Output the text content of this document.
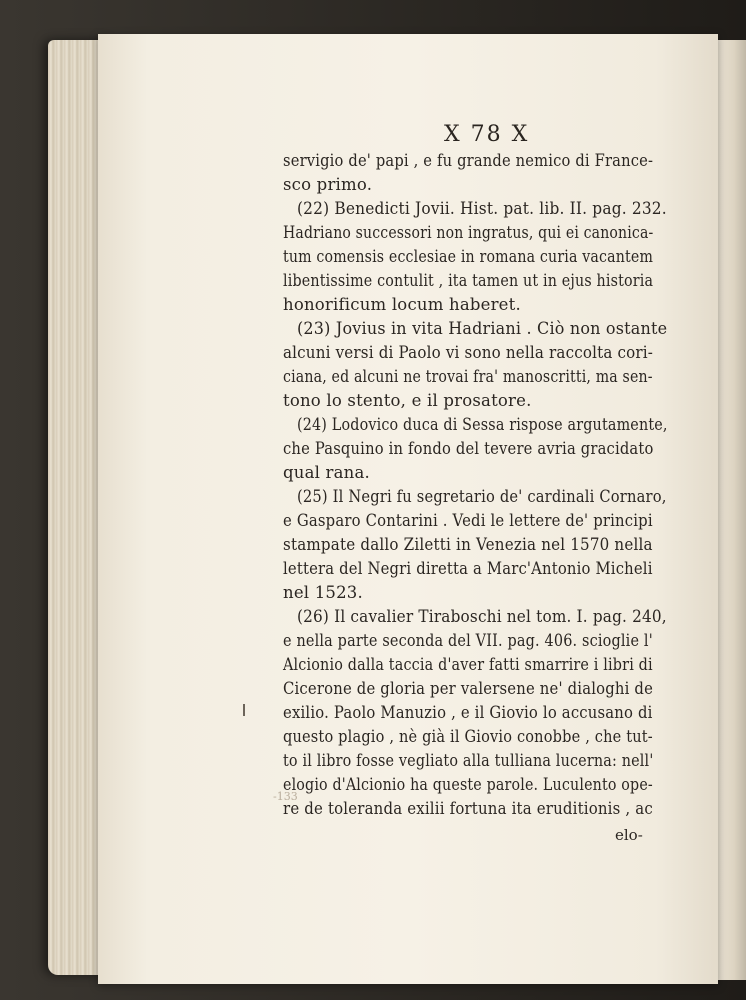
X 78 X
servigio de' papi , e fu grande nemico di France-
sco primo.
(22) Benedicti Jovii. Hist. pat. lib. II. pag. 232.
Hadriano successori non ingratus, qui ei canonica-
tum comensis ecclesiae in romana curia vacantem
libentissime contulit , ita tamen ut in ejus historia
honorificum locum haberet.
(23) Jovius in vita Hadriani . Ciò non ostante
alcuni versi di Paolo vi sono nella raccolta cori-
ciana, ed alcuni ne trovai fra' manoscritti, ma sen-
tono lo stento, e il prosatore.
(24) Lodovico duca di Sessa rispose argutamente,
che Pasquino in fondo del tevere avria gracidato
qual rana.
(25) Il Negri fu segretario de' cardinali Cornaro,
e Gasparo Contarini . Vedi le lettere de' principi
stampate dallo Ziletti in Venezia nel 1570 nella
lettera del Negri diretta a Marc'Antonio Micheli
nel 1523.
(26) Il cavalier Tiraboschi nel tom. I. pag. 240,
e nella parte seconda del VII. pag. 406. scioglie l'
Alcionio dalla taccia d'aver fatti smarrire i libri di
Cicerone de gloria per valersene ne' dialoghi de
exilio. Paolo Manuzio , e il Giovio lo accusano di
questo plagio , nè già il Giovio conobbe , che tut-
to il libro fosse vegliato alla tulliana lucerna: nell'
elogio d'Alcionio ha queste parole. Luculento ope-
re de toleranda exilii fortuna ita eruditionis , ac
-133
elo-
